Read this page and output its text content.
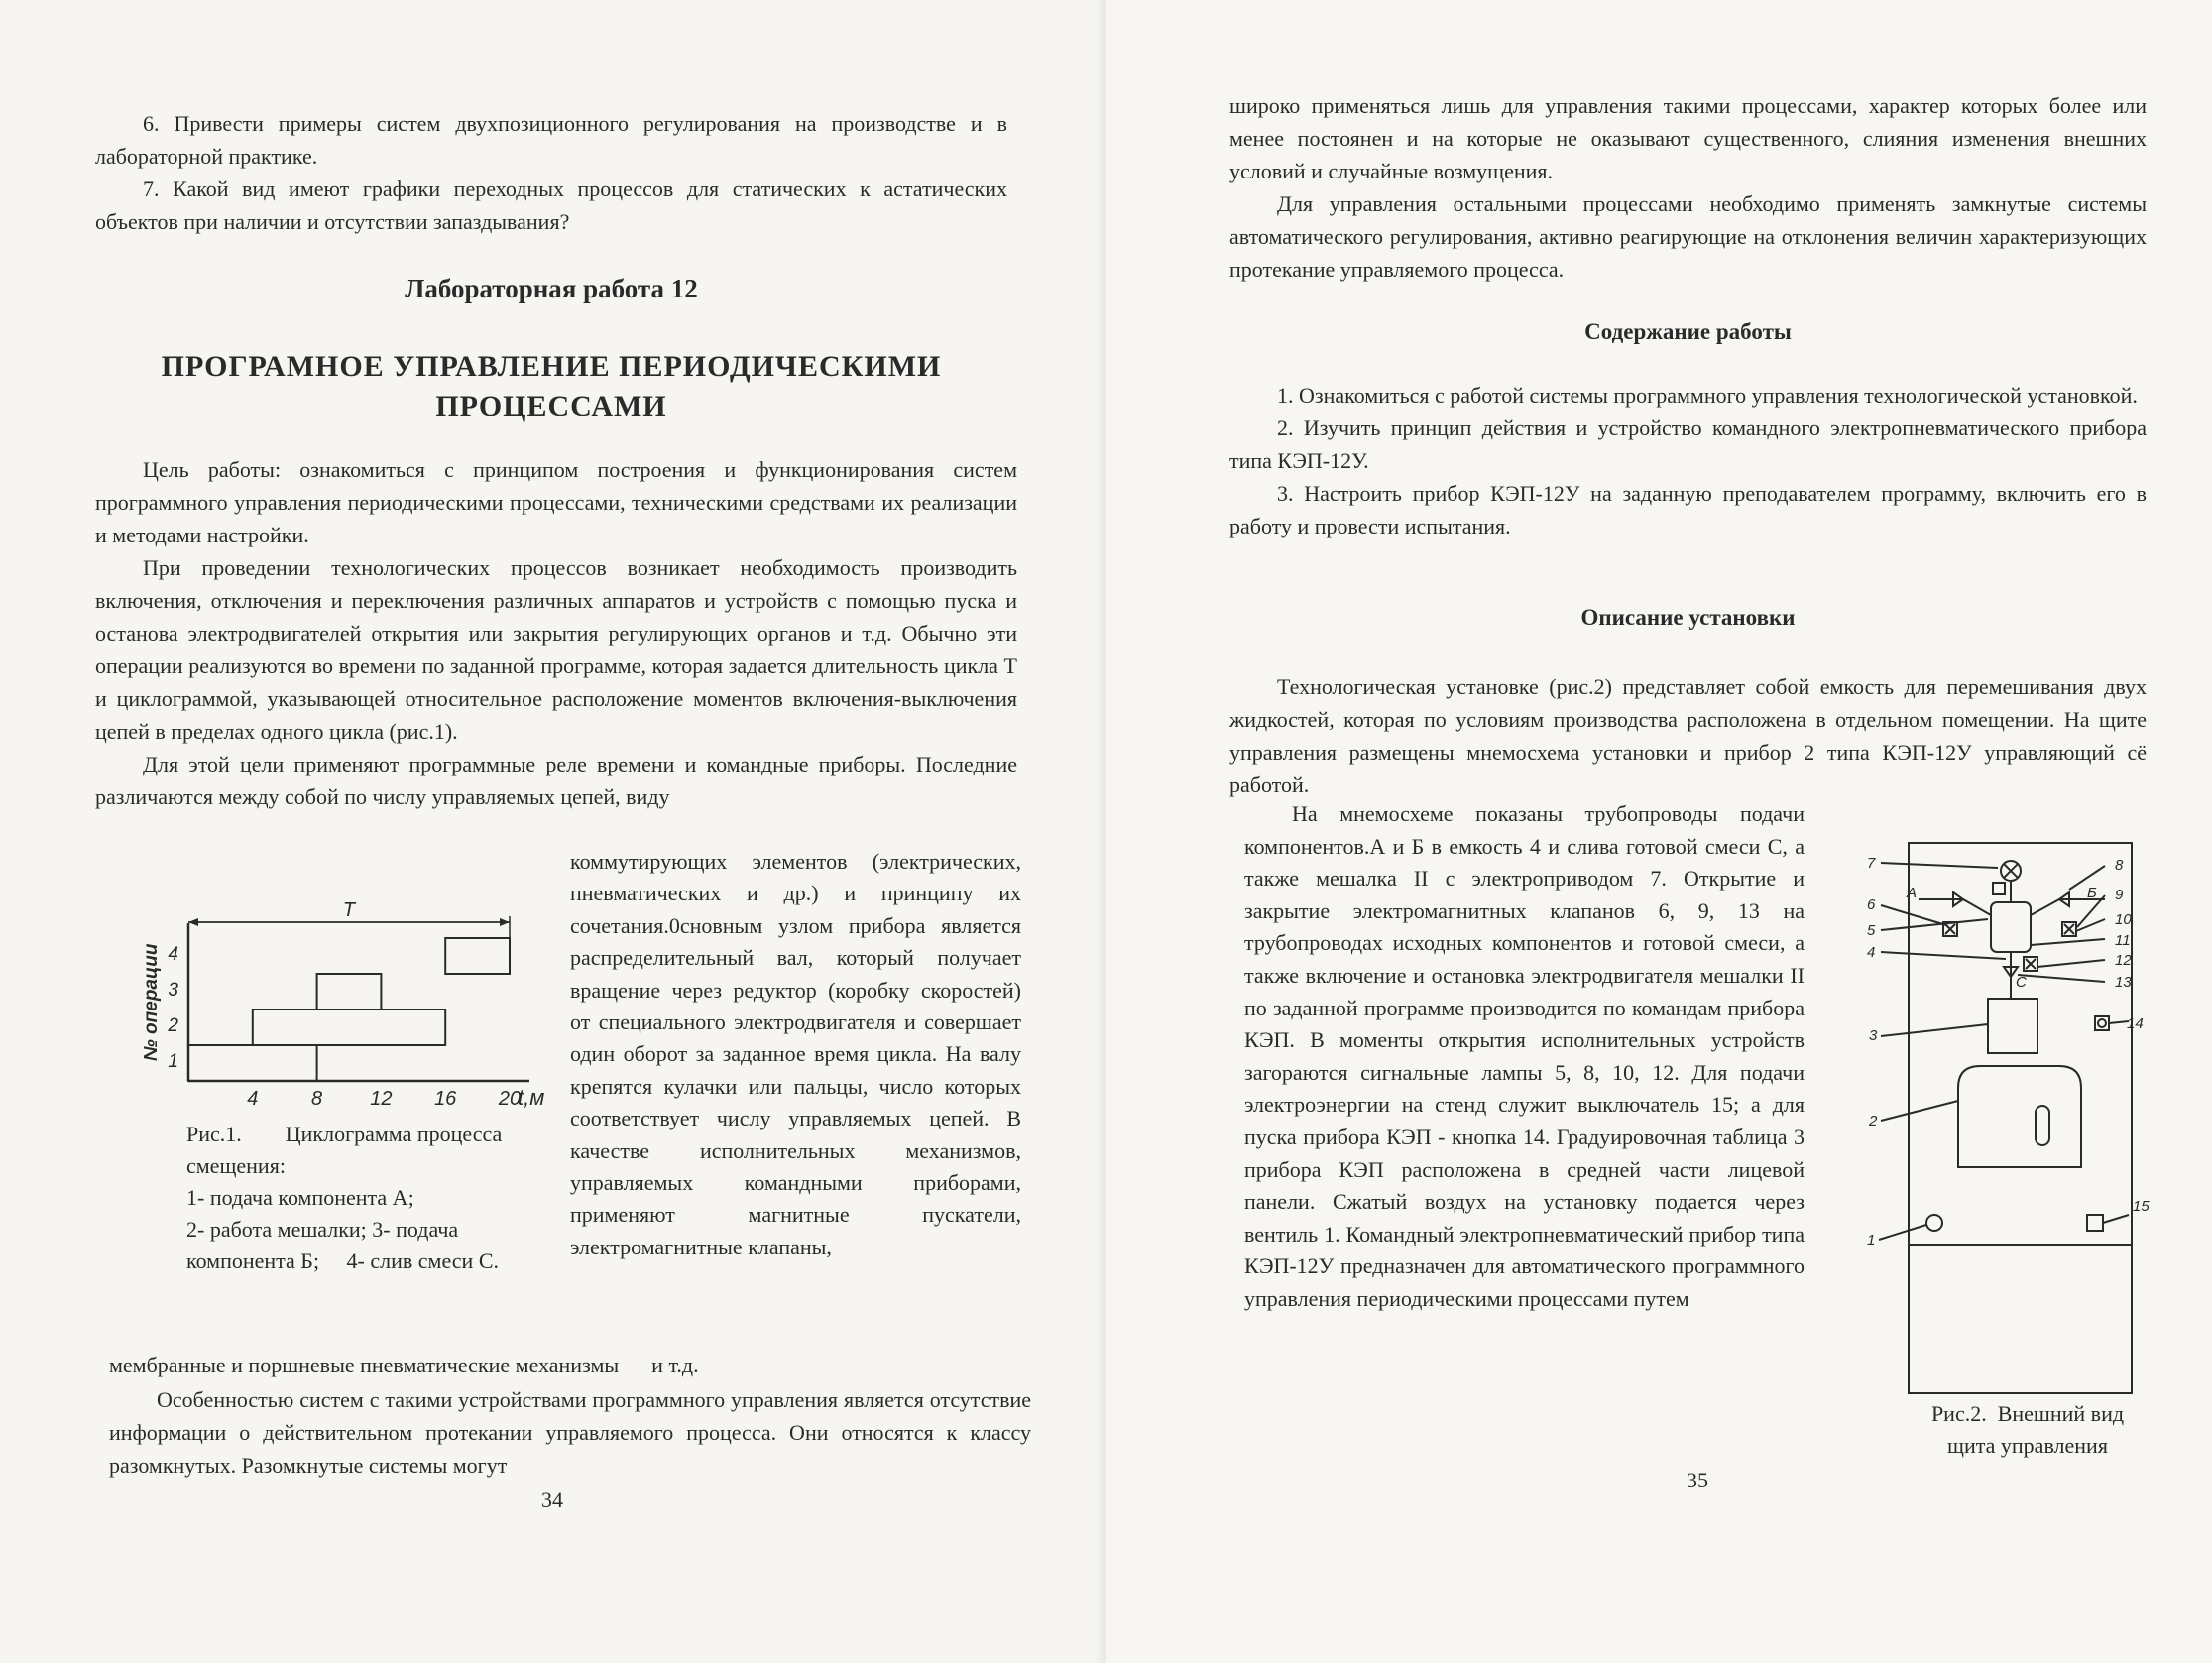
6. Привести примеры систем двухпозиционного регулирования на производстве и в лабораторной практике.

7. Какой вид имеют графики переходных процессов для статических к астатических объектов при наличии и отсутствии запаздывания?

Лабораторная работа 12
ПРОГРАМНОЕ УПРАВЛЕНИЕ ПЕРИОДИЧЕСКИМИ
ПРОЦЕССАМИ

Цель работы: ознакомиться с принципом построения и функционирования систем программного управления периодическими процессами, техническими средствами их реализации и методами настройки.

При проведении технологических процессов возникает необходимость производить включения, отключения и переключения различных аппаратов и устройств с помощью пуска и останова электродвигателей открытия или закрытия регулирующих органов и т.д. Обычно эти операции реализуются во времени по заданной программе, которая задается длительность цикла Т и циклограммой, указывающей относительное расположение моментов включения-выключения цепей в пределах одного цикла (рис.1).

Для этой цели применяют программные реле времени и командные приборы. Последние различаются между собой по числу управляемых цепей, виду

коммутирующих элементов (электрических, пневматических и др.) и принципу их сочетания.0сновным узлом прибора является распределительный вал, который получает вращение через редуктор (коробку скоростей) от специального электродвигателя и совершает один оборот за заданное время цикла. На валу крепятся кулачки или пальцы, число которых соответствует числу управляемых цепей. В качестве исполнительных механизмов, управляемых командными приборами, применяют магнитные пускатели, электромагнитные клапаны,
мембранные и поршневые пневматические механизмы      и т.д.

Особенностью систем с такими устройствами программного управления является отсутствие информации о действительном протекании управляемого процесса. Они относятся к классу разомкнутых. Разомкнутые системы могут

4	8 12 16 20
1
2
3
4
t,м
№ операции
T
Рис.1.        Циклограмма процесса смещения:
1- подача компонента А;
2- работа мешалки; 3- подача компонента Б;     4- слив смеси С.
34

широко применяться лишь для управления такими процессами, характер которых более или менее постоянен и на которые не оказывают существенного, слияния изменения внешних условий и случайные возмущения.

Для управления остальными процессами необходимо применять замкнутые системы автоматического регулирования, активно реагирующие на отклонения величин характеризующих протекание управляемого процесса.

Содержание работы

1. Ознакомиться с работой системы программного управления технологической установкой.

2. Изучить принцип действия и устройство командного электропневматического прибора типа КЭП-12У.

3. Настроить прибор КЭП-12У на заданную преподавателем программу, включить его в работу и провести испытания.

Описание установки

Технологическая установке (рис.2) представляет собой емкость для перемешивания двух жидкостей, которая по условиям производства расположена в отдельном помещении. На щите управления размещены мнемосхема установки и прибор 2 типа КЭП-12У управляющий сё работой.

На мнемосхеме показаны трубопроводы подачи компонентов.А и Б в емкость 4 и слива готовой смеси С, а также мешалка II с электроприводом 7. Открытие и закрытие электромагнитных клапанов 6, 9, 13 на трубопроводах исходных компонентов и готовой смеси, а также включение и остановка электродвигателя мешалки II по заданной программе производится по командам прибора КЭП. В моменты открытия исполнительных устройств загораются сигнальные лампы 5, 8, 10, 12. Для подачи электроэнергии на стенд служит выключатель 15; а для пуска прибора КЭП - кнопка 14. Градуировочная таблица 3 прибора КЭП расположена в средней части лицевой панели. Сжатый воздух на установку подается через вентиль 1. Командный электропневматический прибор типа КЭП-12У предназначен для автоматического программного управления периодическими процессами путем

7
А	Б
8
6
9
5
10
11
4	12
С	13
14
3
2
1
15
Рис.2.  Внешний вид
щита управления
35
